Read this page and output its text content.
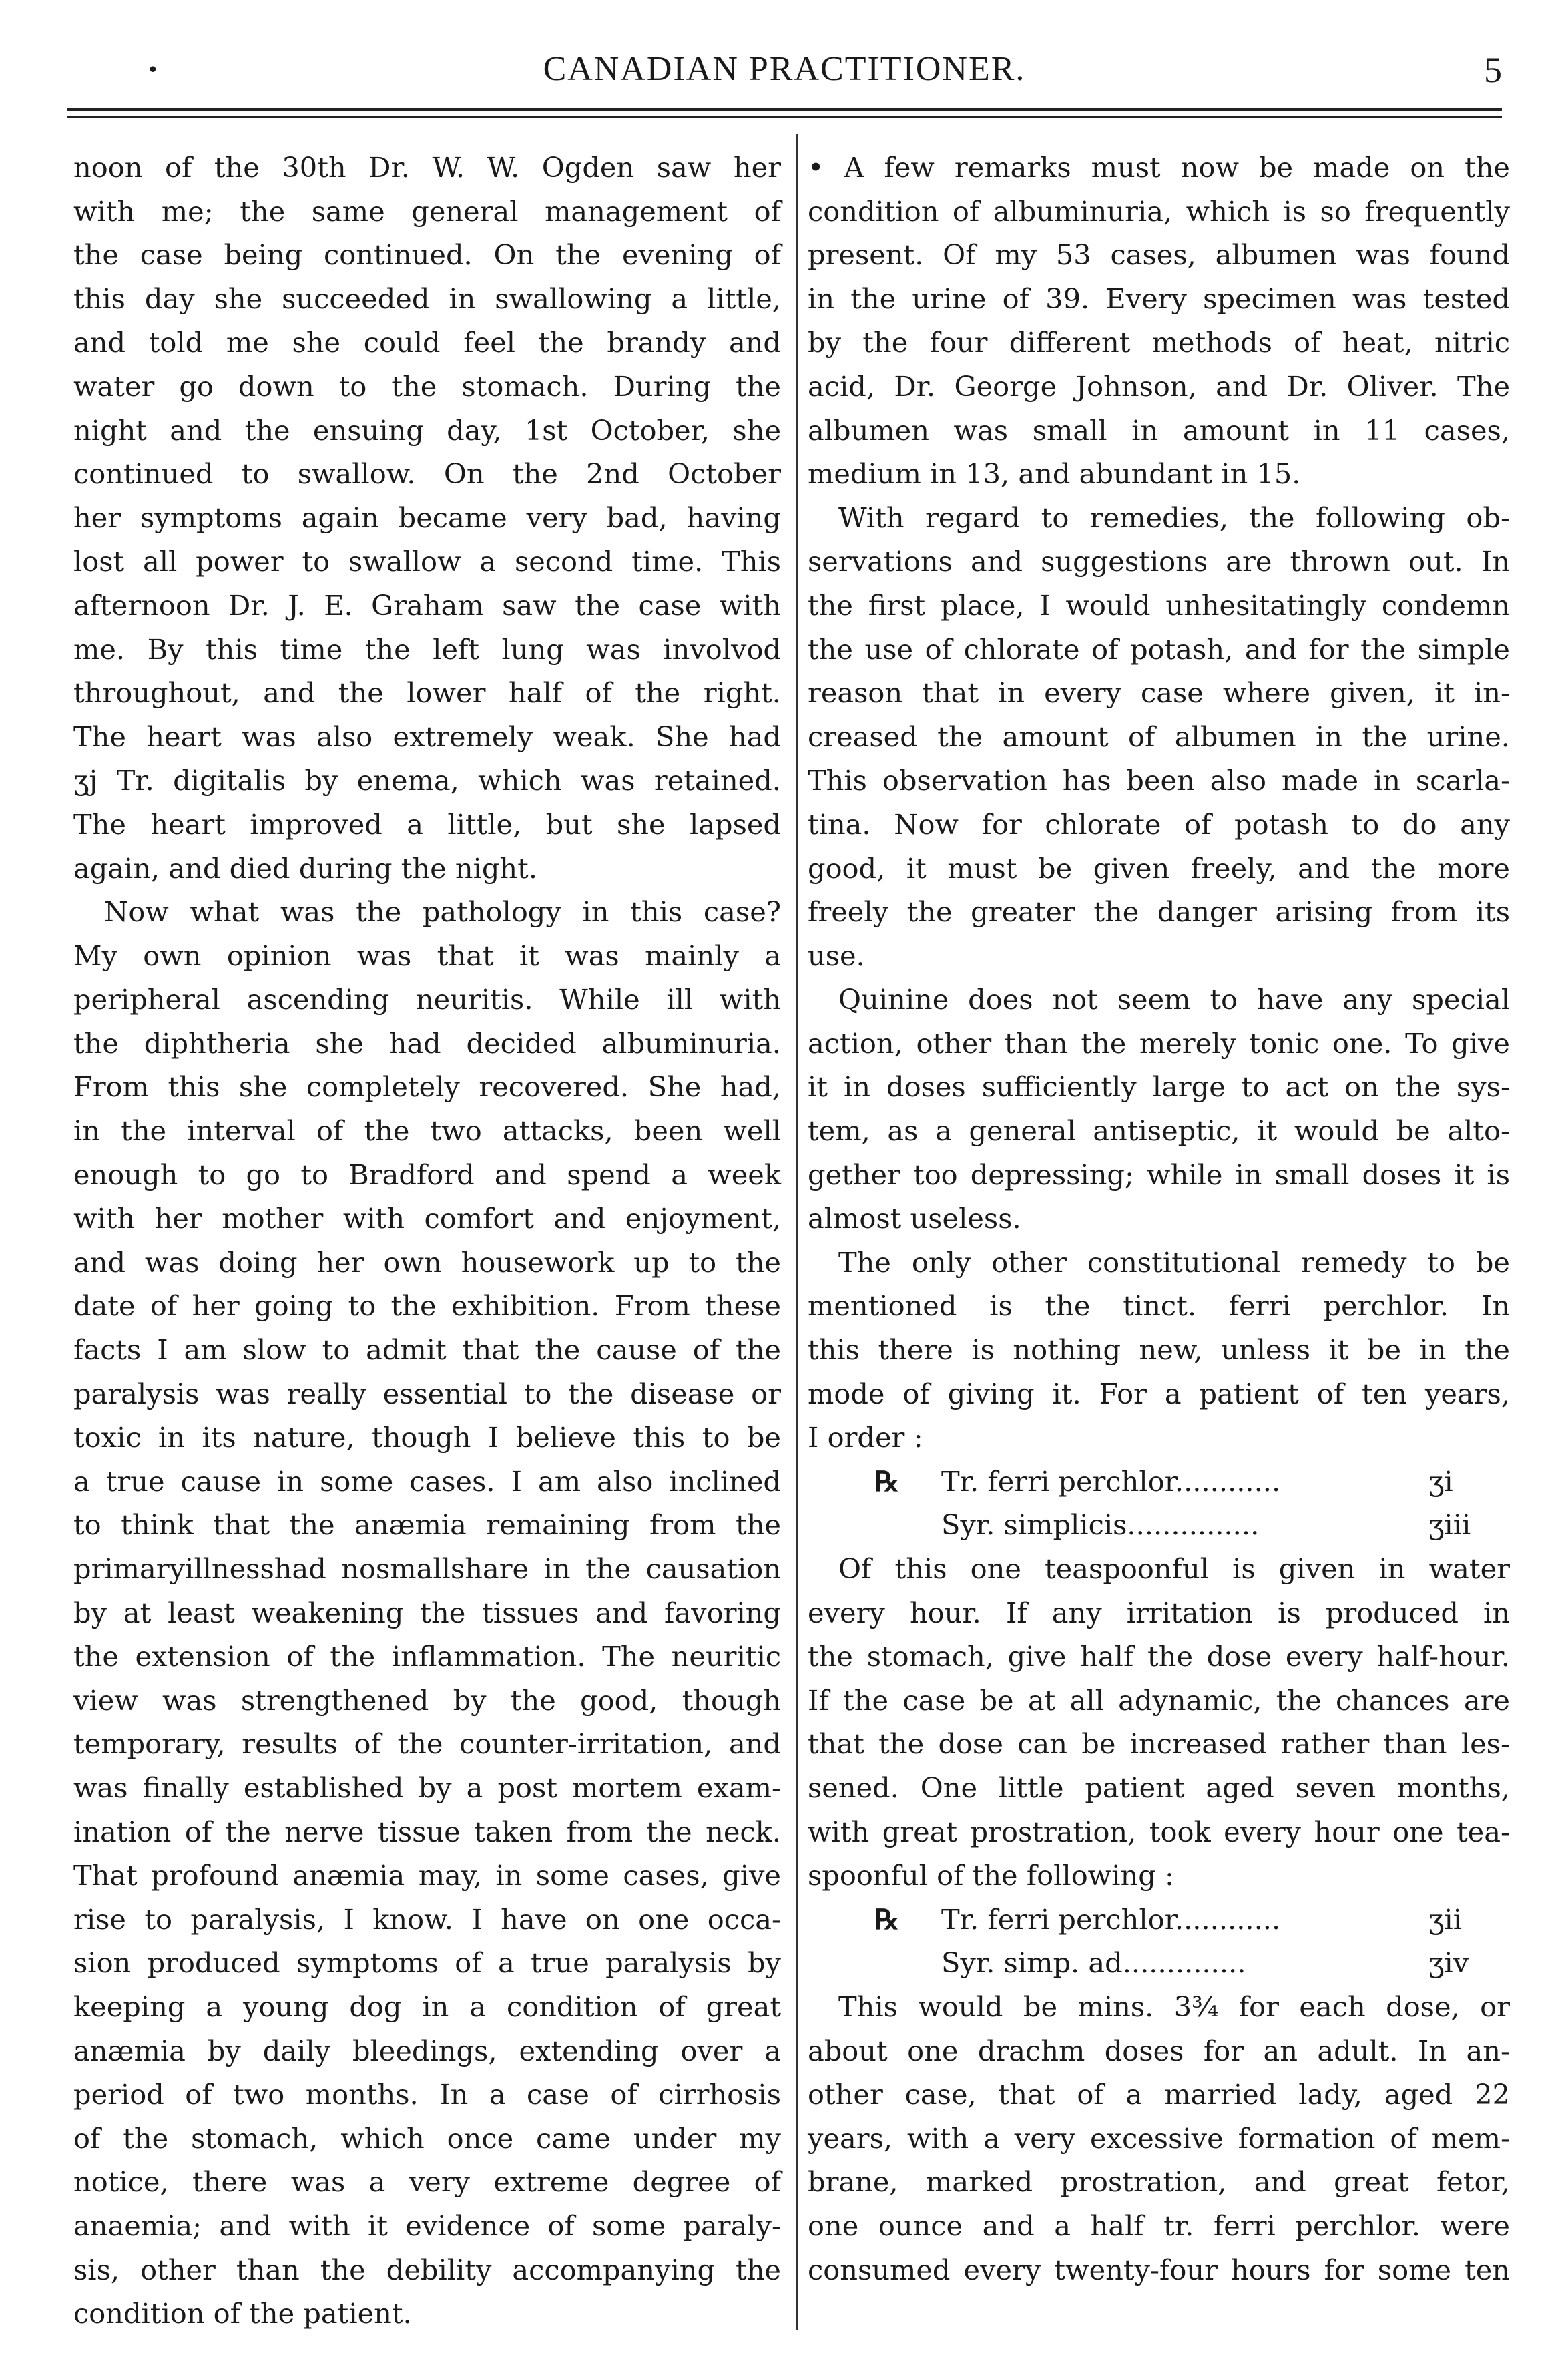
•	CANADIAN PRACTITIONER.	5
noon of the 30th Dr. W. W. Ogden saw her
with me; the same general management of
the case being continued. On the evening of
this day she succeeded in swallowing a little,
and told me she could feel the brandy and
water go down to the stomach. During the
night and the ensuing day, 1st October, she
continued to swallow. On the 2nd October
her symptoms again became very bad, having
lost all power to swallow a second time. This
afternoon Dr. J. E. Graham saw the case with
me. By this time the left lung was involvod
throughout, and the lower half of the right.
The heart was also extremely weak. She had
ʒj Tr. digitalis by enema, which was retained.
The heart improved a little, but she lapsed
again, and died during the night.
Now what was the pathology in this case?
My own opinion was that it was mainly a
peripheral ascending neuritis. While ill with
the diphtheria she had decided albuminuria.
From this she completely recovered. She had,
in the interval of the two attacks, been well
enough to go to Bradford and spend a week
with her mother with comfort and enjoyment,
and was doing her own housework up to the
date of her going to the exhibition. From these
facts I am slow to admit that the cause of the
paralysis was really essential to the disease or
toxic in its nature, though I believe this to be
a true cause in some cases. I am also inclined
to think that the anæmia remaining from the
primaryillnesshad nosmallshare in the causation
by at least weakening the tissues and favoring
the extension of the inflammation. The neuritic
view was strengthened by the good, though
temporary, results of the counter-irritation, and
was finally established by a post mortem exam-
ination of the nerve tissue taken from the neck.
That profound anæmia may, in some cases, give
rise to paralysis, I know. I have on one occa-
sion produced symptoms of a true paralysis by
keeping a young dog in a condition of great
anæmia by daily bleedings, extending over a
period of two months. In a case of cirrhosis
of the stomach, which once came under my
notice, there was a very extreme degree of
anaemia; and with it evidence of some paraly-
sis, other than the debility accompanying the
condition of the patient.
• A few remarks must now be made on the
condition of albuminuria, which is so frequently
present. Of my 53 cases, albumen was found
in the urine of 39. Every specimen was tested
by the four different methods of heat, nitric
acid, Dr. George Johnson, and Dr. Oliver. The
albumen was small in amount in 11 cases,
medium in 13, and abundant in 15.
With regard to remedies, the following ob-
servations and suggestions are thrown out. In
the first place, I would unhesitatingly condemn
the use of chlorate of potash, and for the simple
reason that in every case where given, it in-
creased the amount of albumen in the urine.
This observation has been also made in scarla-
tina. Now for chlorate of potash to do any
good, it must be given freely, and the more
freely the greater the danger arising from its
use.
Quinine does not seem to have any special
action, other than the merely tonic one. To give
it in doses sufficiently large to act on the sys-
tem, as a general antiseptic, it would be alto-
gether too depressing; while in small doses it is
almost useless.
The only other constitutional remedy to be
mentioned is the tinct. ferri perchlor. In
this there is nothing new, unless it be in the
mode of giving it. For a patient of ten years,
I order :
℞ Tr. ferri perchlor............	ʒi
Syr. simplicis...............	ʒiii
Of this one teaspoonful is given in water
every hour. If any irritation is produced in
the stomach, give half the dose every half-hour.
If the case be at all adynamic, the chances are
that the dose can be increased rather than les-
sened. One little patient aged seven months,
with great prostration, took every hour one tea-
spoonful of the following :
℞ Tr. ferri perchlor............	ʒii
Syr. simp. ad..............	ʒiv
This would be mins. 3¾ for each dose, or
about one drachm doses for an adult. In an-
other case, that of a married lady, aged 22
years, with a very excessive formation of mem-
brane, marked prostration, and great fetor,
one ounce and a half tr. ferri perchlor. were
consumed every twenty-four hours for some ten
